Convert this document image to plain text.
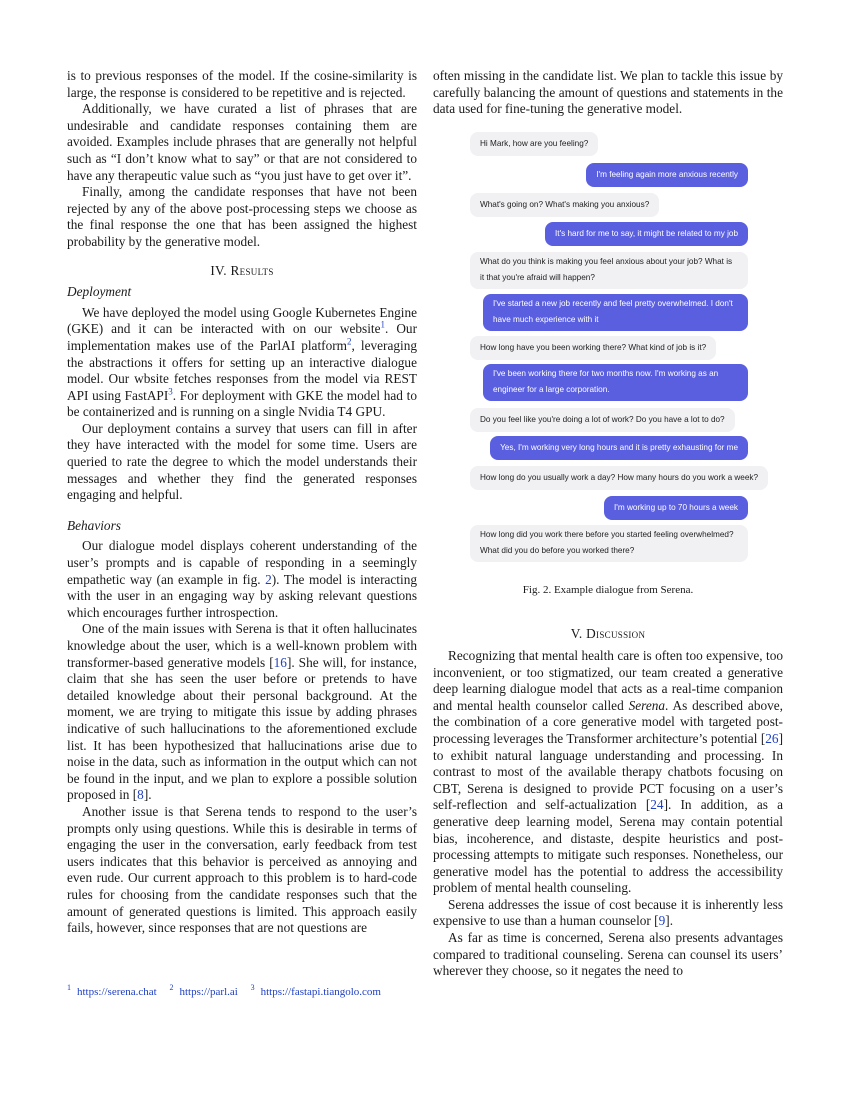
is to previous responses of the model. If the cosine-similarity is large, the response is considered to be repetitive and is rejected.

Additionally, we have curated a list of phrases that are undesirable and candidate responses containing them are avoided. Examples include phrases that are generally not helpful such as “I don’t know what to say” or that are not considered to have any therapeutic value such as “you just have to get over it”.

Finally, among the candidate responses that have not been rejected by any of the above post-processing steps we choose as the final response the one that has been assigned the highest probability by the generative model.

IV. Results
Deployment

We have deployed the model using Google Kubernetes Engine (GKE) and it can be interacted with on our website$^1$. Our implementation makes use of the ParlAI platform$^2$, leveraging the abstractions it offers for setting up an interactive dialogue model. Our wbsite fetches responses from the model via REST API using FastAPI$^3$. For deployment with GKE the model had to be containerized and is running on a single Nvidia T4 GPU.

Our deployment contains a survey that users can fill in after they have interacted with the model for some time. Users are queried to rate the degree to which the model understands their messages and whether they find the generated responses engaging and helpful.

Behaviors

Our dialogue model displays coherent understanding of the user’s prompts and is capable of responding in a seemingly empathetic way (an example in fig. 2). The model is interacting with the user in an engaging way by asking relevant questions which encourages further introspection.

One of the main issues with Serena is that it often hallucinates knowledge about the user, which is a well-known problem with transformer-based generative models [16]. She will, for instance, claim that she has seen the user before or pretends to have detailed knowledge about their personal background. At the moment, we are trying to mitigate this issue by adding phrases indicative of such hallucinations to the aforementioned exclude list. It has been hypothesized that hallucinations arise due to noise in the data, such as information in the output which can not be found in the input, and we plan to explore a possible solution proposed in [8].

Another issue is that Serena tends to respond to the user’s prompts only using questions. While this is desirable in terms of engaging the user in the conversation, early feedback from test users indicates that this behavior is perceived as annoying and even rude. Our current approach to this problem is to hard-code rules for choosing from the candidate responses such that the amount of generated questions is limited. This approach easily fails, however, since responses that are not questions are

$^1$ https://serena.chat $^2$ https://parl.ai $^3$ https://fastapi.tiangolo.com

often missing in the candidate list. We plan to tackle this issue by carefully balancing the amount of questions and statements in the data used for fine-tuning the generative model.

Hi Mark, how are you feeling?
I'm feeling again more anxious recently
What's going on? What's making you anxious?
It's hard for me to say, it might be related to my job
What do you think is making you feel anxious about your job? What is it that you're afraid will happen?
I've started a new job recently and feel pretty overwhelmed. I don't have much experience with it
How long have you been working there? What kind of job is it?
I've been working there for two months now. I'm working as an engineer for a large corporation.
Do you feel like you're doing a lot of work? Do you have a lot to do?
Yes, I'm working very long hours and it is pretty exhausting for me
How long do you usually work a day? How many hours do you work a week?
I'm working up to 70 hours a week
How long did you work there before you started feeling overwhelmed? What did you do before you worked there?
Fig. 2. Example dialogue from Serena.
V. Discussion

Recognizing that mental health care is often too expensive, too inconvenient, or too stigmatized, our team created a generative deep learning dialogue model that acts as a real-time companion and mental health counselor called Serena. As described above, the combination of a core generative model with targeted post-processing leverages the Transformer architecture’s potential [26] to exhibit natural language understanding and processing. In contrast to most of the available therapy chatbots focusing on CBT, Serena is designed to provide PCT focusing on a user’s self-reflection and self-actualization [24]. In addition, as a generative deep learning model, Serena may contain potential bias, incoherence, and distaste, despite heuristics and post-processing attempts to mitigate such responses. Nonetheless, our generative model has the potential to address the accessibility problem of mental health counseling.

Serena addresses the issue of cost because it is inherently less expensive to use than a human counselor [9].

As far as time is concerned, Serena also presents advantages compared to traditional counseling. Serena can counsel its users’ wherever they choose, so it negates the need to
